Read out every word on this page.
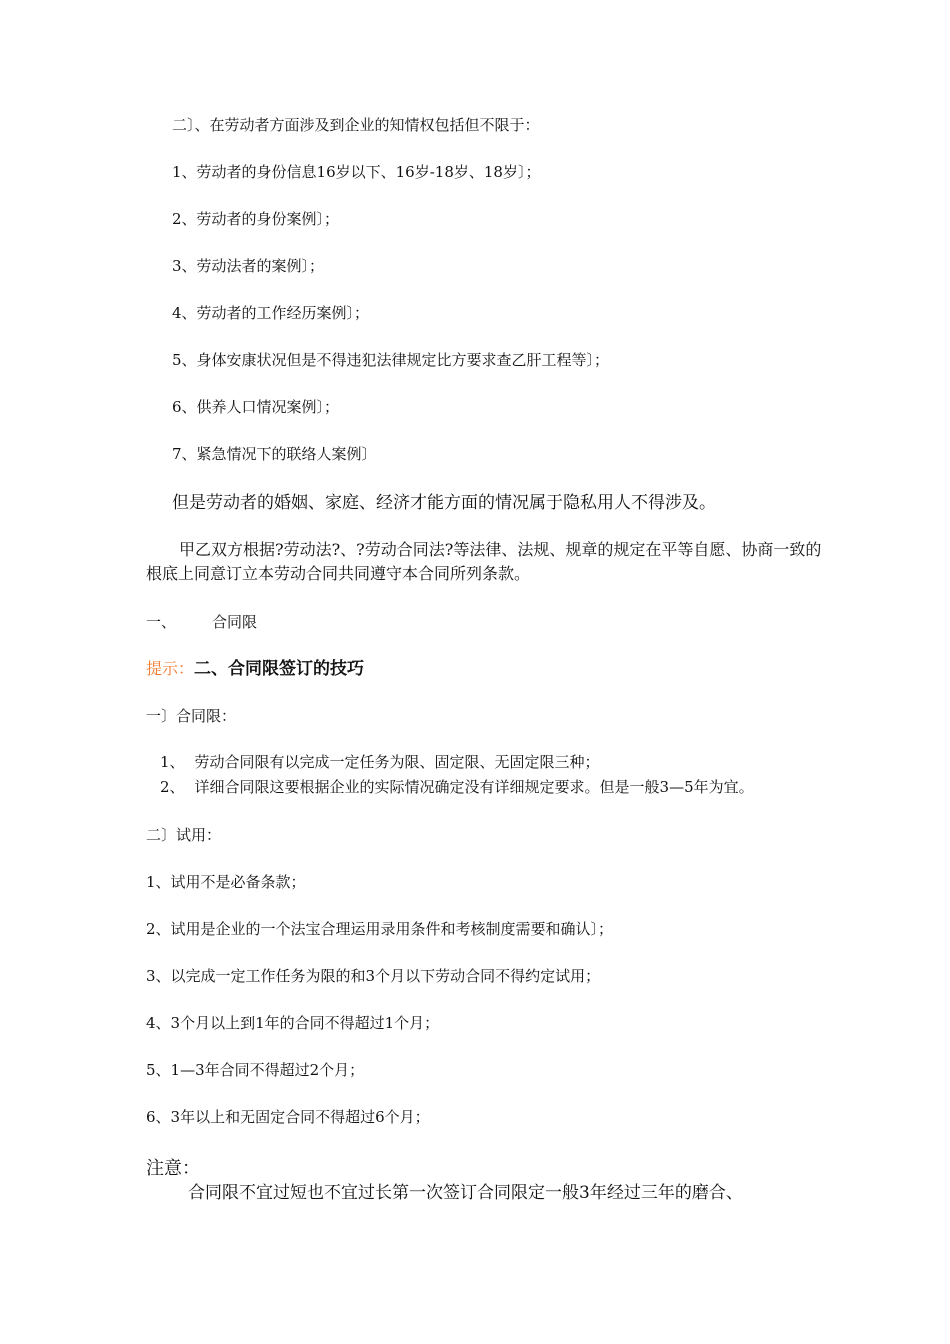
二〕、在劳动者方面涉及到企业的知情权包括但不限于：

1、劳动者的身份信息16岁以下、16岁-18岁、18岁〕；

2、劳动者的身份案例〕；

3、劳动法者的案例〕；

4、劳动者的工作经历案例〕；

5、身体安康状况但是不得违犯法律规定比方要求查乙肝工程等〕；

6、供养人口情况案例〕；

7、紧急情况下的联络人案例〕

但是劳动者的婚姻、家庭、经济才能方面的情况属于隐私用人不得涉及。

甲乙双方根据?劳动法?、?劳动合同法?等法律、法规、规章的规定在平等自愿、协商一致的根底上同意订立本劳动合同共同遵守本合同所列条款。

一、 合同限

提示：二、合同限签订的技巧

一〕合同限：

1、 劳动合同限有以完成一定任务为限、固定限、无固定限三种；

2、 详细合同限这要根据企业的实际情况确定没有详细规定要求。但是一般3—5年为宜。

二〕试用：

1、试用不是必备条款；

2、试用是企业的一个法宝合理运用录用条件和考核制度需要和确认〕；

3、以完成一定工作任务为限的和3个月以下劳动合同不得约定试用；

4、3个月以上到1年的合同不得超过1个月；

5、1—3年合同不得超过2个月；

6、3年以上和无固定合同不得超过6个月；

注意：

合同限不宜过短也不宜过长第一次签订合同限定一般3年经过三年的磨合、
